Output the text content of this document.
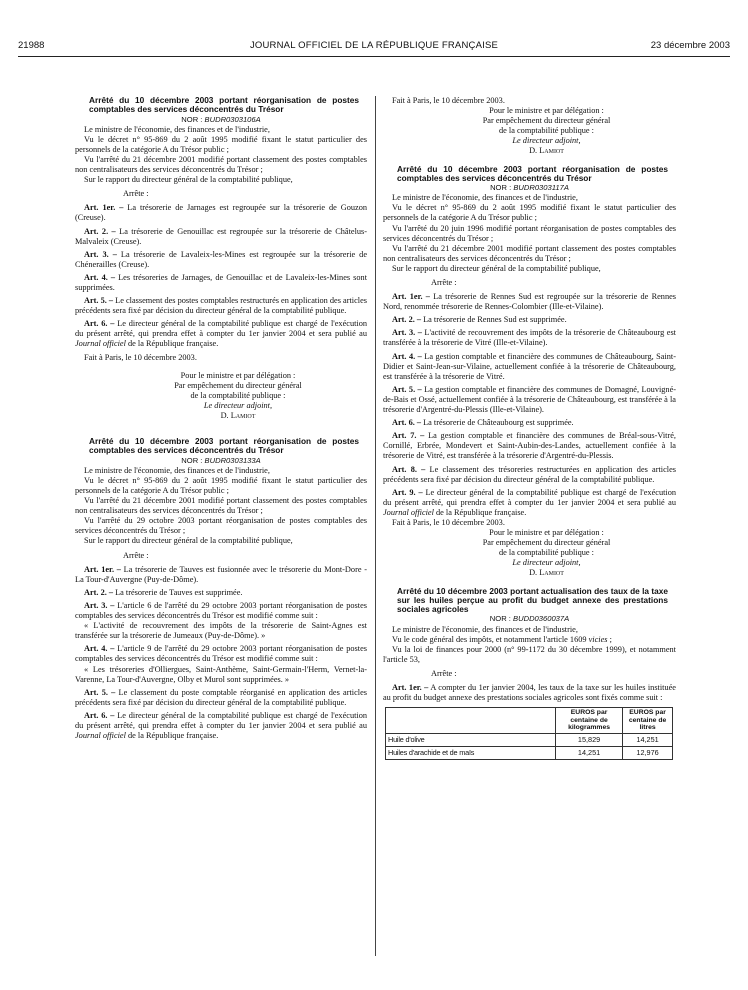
21988	JOURNAL OFFICIEL DE LA RÉPUBLIQUE FRANÇAISE	23 décembre 2003

Arrêté du 10 décembre 2003 portant réorganisation de postes comptables des services déconcentrés du Trésor

NOR : BUDR0303106A

Le ministre de l'économie, des finances et de l'industrie,

Vu le décret n° 95-869 du 2 août 1995 modifié fixant le statut particulier des personnels de la catégorie A du Trésor public ;

Vu l'arrêté du 21 décembre 2001 modifié portant classement des postes comptables non centralisateurs des services déconcentrés du Trésor ;

Sur le rapport du directeur général de la comptabilité publique,

Arrête :

Art. 1er. – La trésorerie de Jarnages est regroupée sur la trésorerie de Gouzon (Creuse).

Art. 2. – La trésorerie de Genouillac est regroupée sur la trésorerie de Châtelus-Malvaleix (Creuse).

Art. 3. – La trésorerie de Lavaleix-les-Mines est regroupée sur la trésorerie de Chénerailles (Creuse).

Art. 4. – Les trésoreries de Jarnages, de Genouillac et de Lavaleix-les-Mines sont supprimées.

Art. 5. – Le classement des postes comptables restructurés en application des articles précédents sera fixé par décision du directeur général de la comptabilité publique.

Art. 6. – Le directeur général de la comptabilité publique est chargé de l'exécution du présent arrêté, qui prendra effet à compter du 1er janvier 2004 et sera publié au Journal officiel de la République française.

Fait à Paris, le 10 décembre 2003.

Pour le ministre et par délégation :

Par empêchement du directeur général

de la comptabilité publique :

Le directeur adjoint,

D. Lamiot

Arrêté du 10 décembre 2003 portant réorganisation de postes comptables des services déconcentrés du Trésor

NOR : BUDR0303133A

Le ministre de l'économie, des finances et de l'industrie,

Vu le décret n° 95-869 du 2 août 1995 modifié fixant le statut particulier des personnels de la catégorie A du Trésor public ;

Vu l'arrêté du 21 décembre 2001 modifié portant classement des postes comptables non centralisateurs des services déconcentrés du Trésor ;

Vu l'arrêté du 29 octobre 2003 portant réorganisation de postes comptables des services déconcentrés du Trésor ;

Sur le rapport du directeur général de la comptabilité publique,

Arrête :

Art. 1er. – La trésorerie de Tauves est fusionnée avec le trésorerie du Mont-Dore - La Tour-d'Auvergne (Puy-de-Dôme).

Art. 2. – La trésorerie de Tauves est supprimée.

Art. 3. – L'article 6 de l'arrêté du 29 octobre 2003 portant réorganisation de postes comptables des services déconcentrés du Trésor est modifié comme suit :

« L'activité de recouvrement des impôts de la trésorerie de Saint-Agnes est transférée sur la trésorerie de Jumeaux (Puy-de-Dôme). »

Art. 4. – L'article 9 de l'arrêté du 29 octobre 2003 portant réorganisation de postes comptables des services déconcentrés du Trésor est modifié comme suit :

« Les trésoreries d'Olliergues, Saint-Anthème, Saint-Germain-l'Herm, Vernet-la-Varenne, La Tour-d'Auvergne, Olby et Murol sont supprimées. »

Art. 5. – Le classement du poste comptable réorganisé en application des articles précédents sera fixé par décision du directeur général de la comptabilité publique.

Art. 6. – Le directeur général de la comptabilité publique est chargé de l'exécution du présent arrêté, qui prendra effet à compter du 1er janvier 2004 et sera publié au Journal officiel de la République française.

Fait à Paris, le 10 décembre 2003.

Pour le ministre et par délégation :

Par empêchement du directeur général

de la comptabilité publique :

Le directeur adjoint,

D. Lamiot

Arrêté du 10 décembre 2003 portant réorganisation de postes comptables des services déconcentrés du Trésor

NOR : BUDR0303117A

Le ministre de l'économie, des finances et de l'industrie,

Vu le décret n° 95-869 du 2 août 1995 modifié fixant le statut particulier des personnels de la catégorie A du Trésor public ;

Vu l'arrêté du 20 juin 1996 modifié portant réorganisation de postes comptables des services déconcentrés du Trésor ;

Vu l'arrêté du 21 décembre 2001 modifié portant classement des postes comptables non centralisateurs des services déconcentrés du Trésor ;

Sur le rapport du directeur général de la comptabilité publique,

Arrête :

Art. 1er. – La trésorerie de Rennes Sud est regroupée sur la trésorerie de Rennes Nord, renommée trésorerie de Rennes-Colombier (Ille-et-Vilaine).

Art. 2. – La trésorerie de Rennes Sud est supprimée.

Art. 3. – L'activité de recouvrement des impôts de la trésorerie de Châteaubourg est transférée à la trésorerie de Vitré (Ille-et-Vilaine).

Art. 4. – La gestion comptable et financière des communes de Châteaubourg, Saint-Didier et Saint-Jean-sur-Vilaine, actuellement confiée à la trésorerie de Châteaubourg, est transférée à la trésorerie de Vitré.

Art. 5. – La gestion comptable et financière des communes de Domagné, Louvigné-de-Bais et Ossé, actuellement confiée à la trésorerie de Châteaubourg, est transférée à la trésorerie d'Argentré-du-Plessis (Ille-et-Vilaine).

Art. 6. – La trésorerie de Châteaubourg est supprimée.

Art. 7. – La gestion comptable et financière des communes de Bréal-sous-Vitré, Cornillé, Erbrée, Mondevert et Saint-Aubin-des-Landes, actuellement confiée à la trésorerie de Vitré, est transférée à la trésorerie d'Argentré-du-Plessis.

Art. 8. – Le classement des trésoreries restructurées en application des articles précédents sera fixé par décision du directeur général de la comptabilité publique.

Art. 9. – Le directeur général de la comptabilité publique est chargé de l'exécution du présent arrêté, qui prendra effet à compter du 1er janvier 2004 et sera publié au Journal officiel de la République française.

Fait à Paris, le 10 décembre 2003.

Pour le ministre et par délégation :

Par empêchement du directeur général

de la comptabilité publique :

Le directeur adjoint,

D. Lamiot

Arrêté du 10 décembre 2003 portant actualisation des taux de la taxe sur les huiles perçue au profit du budget annexe des prestations sociales agricoles

NOR : BUDD0360037A

Le ministre de l'économie, des finances et de l'industrie,

Vu le code général des impôts, et notamment l'article 1609 vicies ;

Vu la loi de finances pour 2000 (n° 99-1172 du 30 décembre 1999), et notamment l'article 53,

Arrête :

Art. 1er. – A compter du 1er janvier 2004, les taux de la taxe sur les huiles instituée au profit du budget annexe des prestations sociales agricoles sont fixés comme suit :

	EUROS par centaine de kilogrammes	EUROS par centaine de litres
Huile d'olive	15,829	14,251
Huiles d'arachide et de maïs	14,251	12,976
